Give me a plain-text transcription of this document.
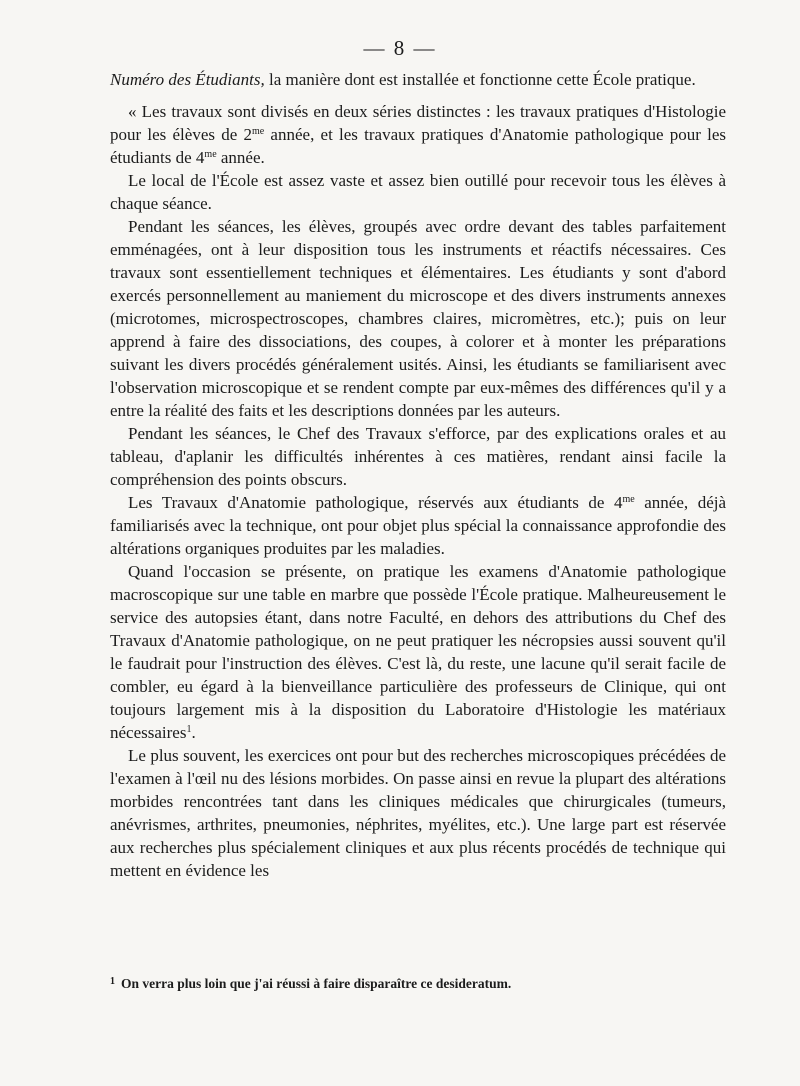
— 8 —

Numéro des Étudiants, la manière dont est installée et fonctionne cette École pratique.

« Les travaux sont divisés en deux séries distinctes : les travaux pratiques d'Histologie pour les élèves de $2^{me}$ année, et les travaux pratiques d'Anatomie pathologique pour les étudiants de $4^{me}$ année.

Le local de l'École est assez vaste et assez bien outillé pour recevoir tous les élèves à chaque séance.

Pendant les séances, les élèves, groupés avec ordre devant des tables parfaitement emménagées, ont à leur disposition tous les instruments et réactifs nécessaires. Ces travaux sont essentiellement techniques et élémentaires. Les étudiants y sont d'abord exercés personnellement au maniement du microscope et des divers instruments annexes (microtomes, microspectroscopes, chambres claires, micromètres, etc.); puis on leur apprend à faire des dissociations, des coupes, à colorer et à monter les préparations suivant les divers procédés généralement usités. Ainsi, les étudiants se familiarisent avec l'observation microscopique et se rendent compte par eux-mêmes des différences qu'il y a entre la réalité des faits et les descriptions données par les auteurs.

Pendant les séances, le Chef des Travaux s'efforce, par des explications orales et au tableau, d'aplanir les difficultés inhérentes à ces matières, rendant ainsi facile la compréhension des points obscurs.

Les Travaux d'Anatomie pathologique, réservés aux étudiants de $4^{me}$ année, déjà familiarisés avec la technique, ont pour objet plus spécial la connaissance approfondie des altérations organiques produites par les maladies.

Quand l'occasion se présente, on pratique les examens d'Anatomie pathologique macroscopique sur une table en marbre que possède l'École pratique. Malheureusement le service des autopsies étant, dans notre Faculté, en dehors des attributions du Chef des Travaux d'Anatomie pathologique, on ne peut pratiquer les nécropsies aussi souvent qu'il le faudrait pour l'instruction des élèves. C'est là, du reste, une lacune qu'il serait facile de combler, eu égard à la bienveillance particulière des professeurs de Clinique, qui ont toujours largement mis à la disposition du Laboratoire d'Histologie les matériaux nécessaires$^1$.

Le plus souvent, les exercices ont pour but des recherches microscopiques précédées de l'examen à l'œil nu des lésions morbides. On passe ainsi en revue la plupart des altérations morbides rencontrées tant dans les cliniques médicales que chirurgicales (tumeurs, anévrismes, arthrites, pneumonies, néphrites, myélites, etc.). Une large part est réservée aux recherches plus spécialement cliniques et aux plus récents procédés de technique qui mettent en évidence les

$^1$ On verra plus loin que j'ai réussi à faire disparaître ce desideratum.
